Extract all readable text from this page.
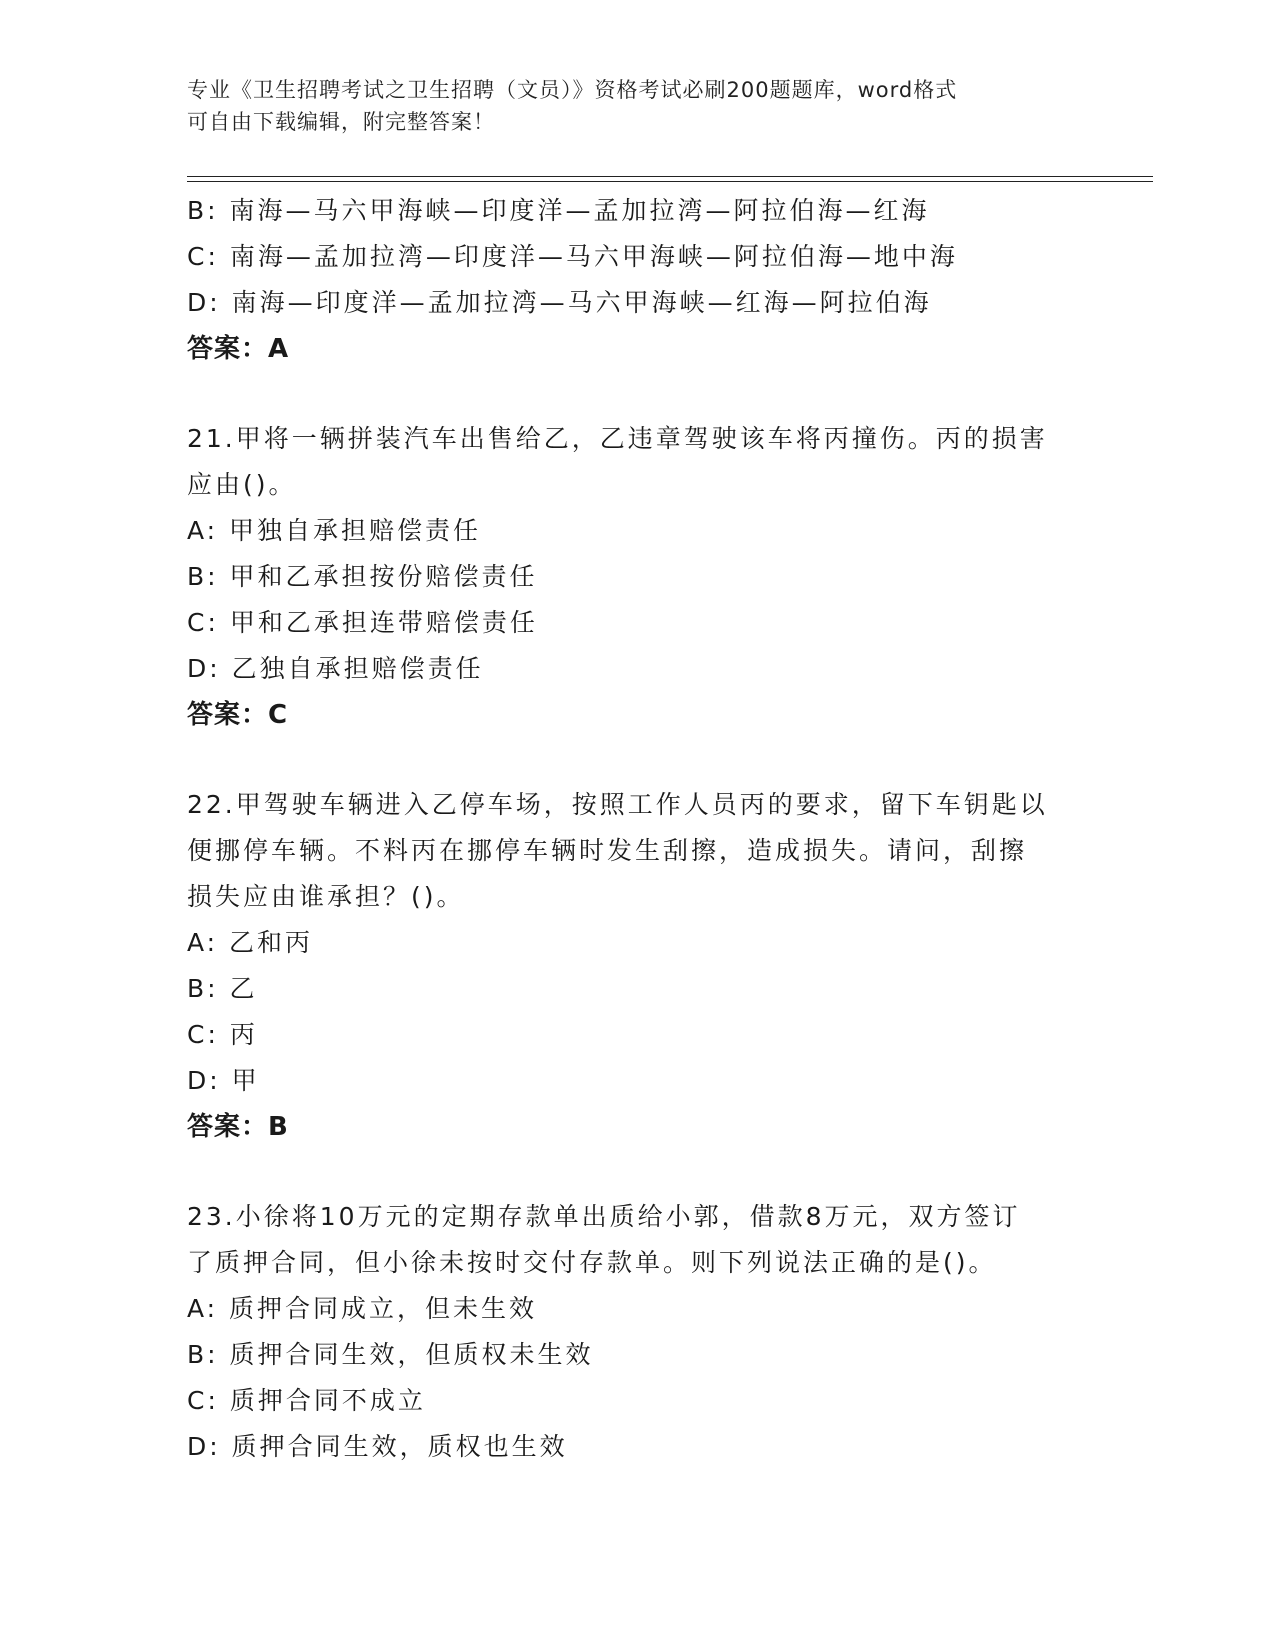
专业《卫生招聘考试之卫生招聘（文员）》资格考试必刷200题题库，word格式
可自由下载编辑，附完整答案！
B: 南海—马六甲海峡—印度洋—孟加拉湾—阿拉伯海—红海
C: 南海—孟加拉湾—印度洋—马六甲海峡—阿拉伯海—地中海
D: 南海—印度洋—孟加拉湾—马六甲海峡—红海—阿拉伯海
答案：A
21.甲将一辆拼装汽车出售给乙，乙违章驾驶该车将丙撞伤。丙的损害
应由()。
A: 甲独自承担赔偿责任
B: 甲和乙承担按份赔偿责任
C: 甲和乙承担连带赔偿责任
D: 乙独自承担赔偿责任
答案：C
22.甲驾驶车辆进入乙停车场，按照工作人员丙的要求，留下车钥匙以
便挪停车辆。不料丙在挪停车辆时发生刮擦，造成损失。请问，刮擦
损失应由谁承担？()。
A: 乙和丙
B: 乙
C: 丙
D: 甲
答案：B
23.小徐将10万元的定期存款单出质给小郭，借款8万元，双方签订
了质押合同，但小徐未按时交付存款单。则下列说法正确的是()。
A: 质押合同成立，但未生效
B: 质押合同生效，但质权未生效
C: 质押合同不成立
D: 质押合同生效，质权也生效
